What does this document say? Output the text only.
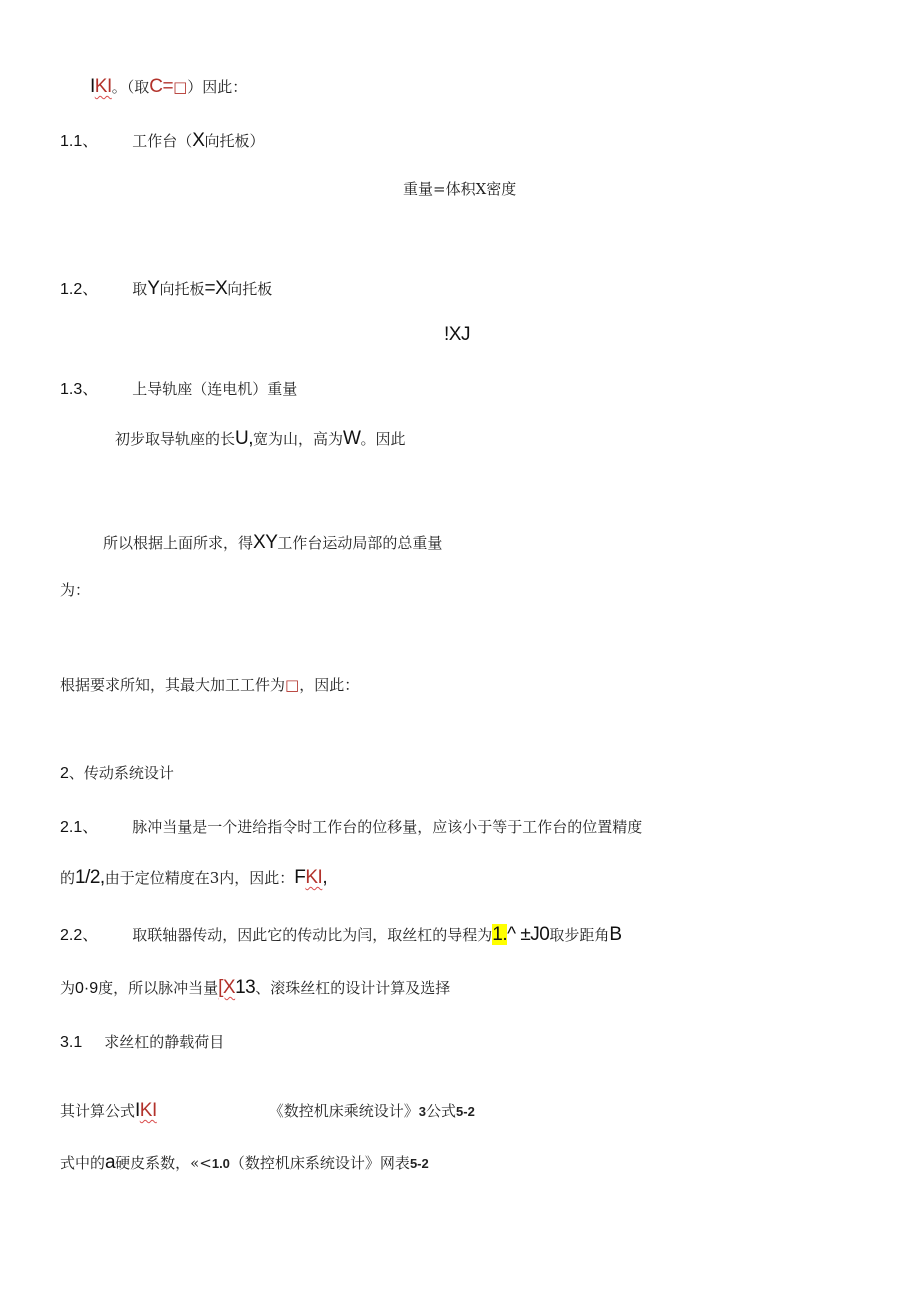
IKI。（取C=□）因此：
1.1、 工作台（X向托板）
重量=体积X密度
1.2、 取Y向托板=X向托板
!XJ
1.3、 上导轨座（连电机）重量
初步取导轨座的长U,宽为山，高为W。因此
所以根据上面所求，得XY工作台运动局部的总重量
为：
根据要求所知，其最大加工工件为□，因此：
2、传动系统设计
2.1、 脉冲当量是一个进给指令时工作台的位移量，应该小于等于工作台的位置精度
的1/2,由于定位精度在3内，因此：FKI,
2.2、 取联轴器传动，因此它的传动比为闫，取丝杠的导程为1.^ ±J0取步距角B
为0·9度，所以脉冲当量[X13、滚珠丝杠的设计计算及选择
3.1 求丝杠的静载荷目
其计算公式IKI	《数控机床乘统设计》3公式5-2
式中的a硬皮系数，«<1.0（数控机床系统设计》网表5-2
